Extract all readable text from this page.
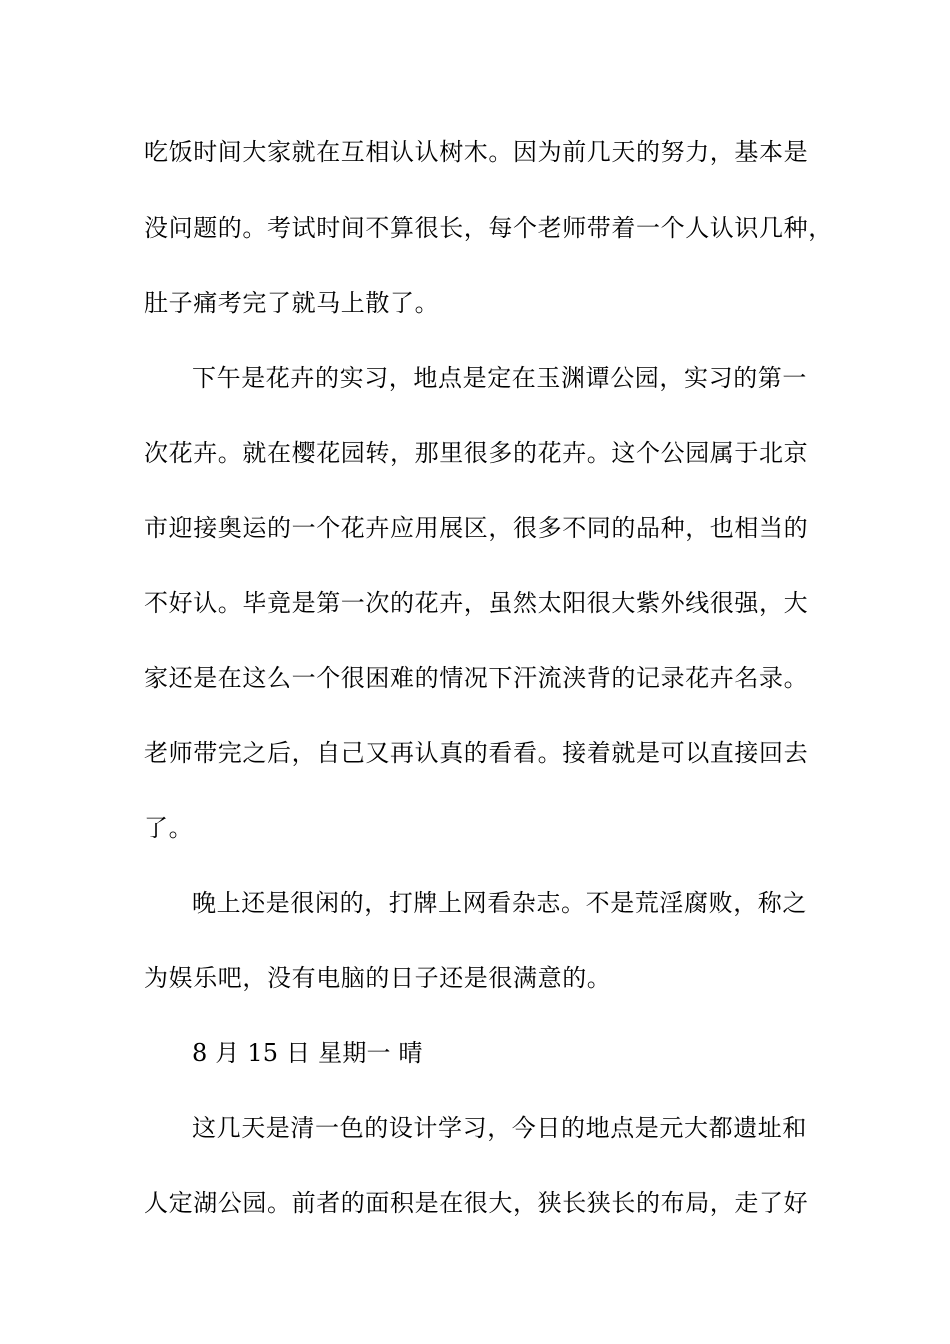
吃饭时间大家就在互相认认树木。因为前几天的努力，基本是
没问题的。考试时间不算很长，每个老师带着一个人认识几种，
肚子痛考完了就马上散了。
下午是花卉的实习，地点是定在玉渊谭公园，实习的第一
次花卉。就在樱花园转，那里很多的花卉。这个公园属于北京
市迎接奥运的一个花卉应用展区，很多不同的品种，也相当的
不好认。毕竟是第一次的花卉，虽然太阳很大紫外线很强，大
家还是在这么一个很困难的情况下汗流浃背的记录花卉名录。
老师带完之后，自己又再认真的看看。接着就是可以直接回去
了。
晚上还是很闲的，打牌上网看杂志。不是荒淫腐败，称之
为娱乐吧，没有电脑的日子还是很满意的。
8 月 15 日 星期一 晴
这几天是清一色的设计学习，今日的地点是元大都遗址和
人定湖公园。前者的面积是在很大，狭长狭长的布局，走了好
